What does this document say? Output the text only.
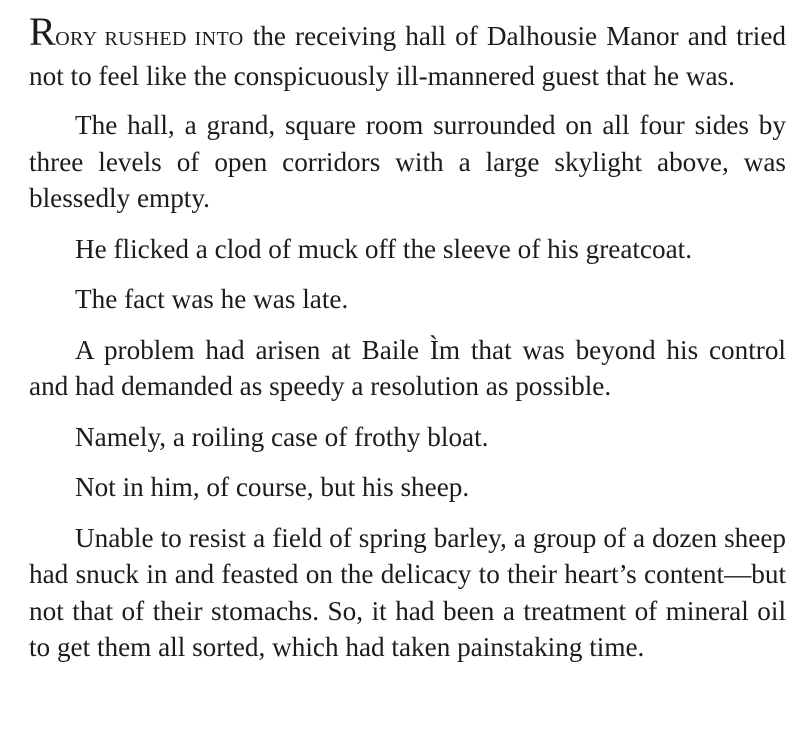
RORY RUSHED INTO the receiving hall of Dalhousie Manor and tried not to feel like the conspicuously ill-mannered guest that he was.

The hall, a grand, square room surrounded on all four sides by three levels of open corridors with a large skylight above, was blessedly empty.

He flicked a clod of muck off the sleeve of his greatcoat.

The fact was he was late.

A problem had arisen at Baile Ìm that was beyond his control and had demanded as speedy a resolution as possible.

Namely, a roiling case of frothy bloat.

Not in him, of course, but his sheep.

Unable to resist a field of spring barley, a group of a dozen sheep had snuck in and feasted on the delicacy to their heart’s content—but not that of their stomachs. So, it had been a treatment of mineral oil to get them all sorted, which had taken painstaking time.
